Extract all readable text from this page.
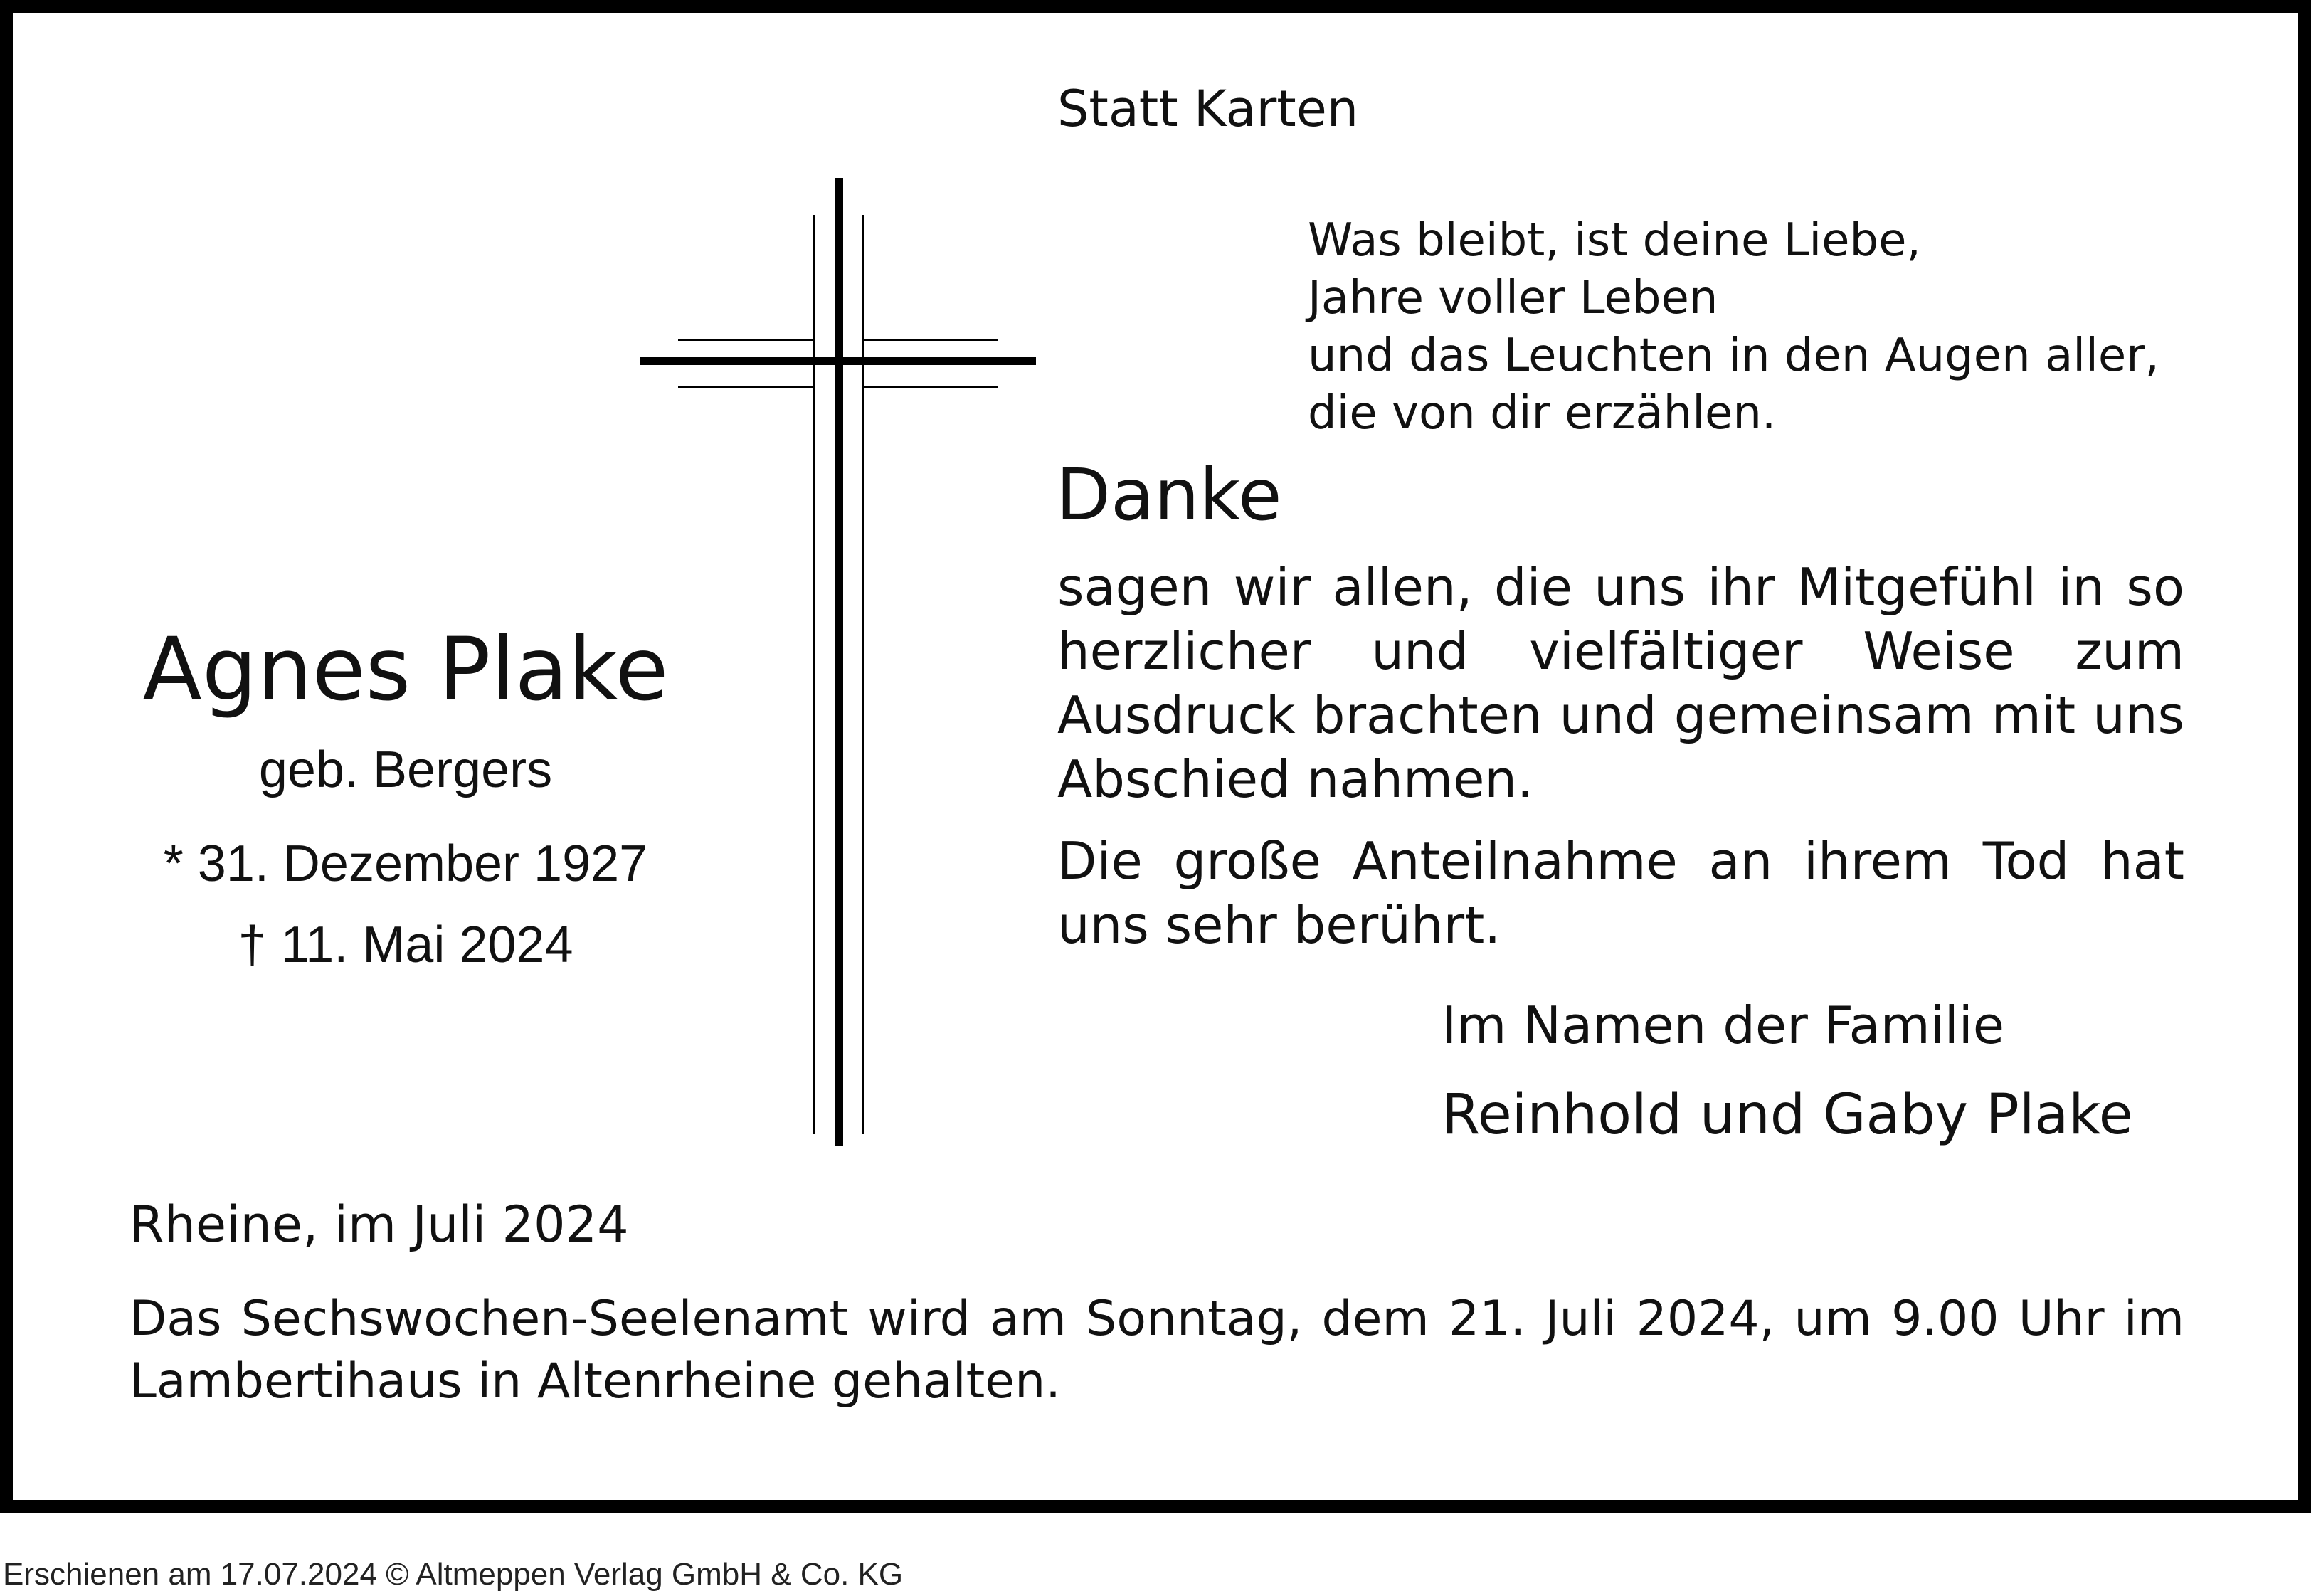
Statt Karten
Was bleibt, ist deine Liebe,
Jahre voller Leben
und das Leuchten in den Augen aller,
die von dir erzählen.
Danke
sagen wir allen, die uns ihr Mitgefühl in so herzlicher und vielfältiger Weise zum Ausdruck brachten und gemeinsam mit uns Abschied nahmen.
Die große Anteilnahme an ihrem Tod hat uns sehr berührt.
Im Namen der Familie
Reinhold und Gaby Plake
Agnes Plake
geb. Bergers
* 31. Dezember 1927
† 11. Mai 2024
Rheine, im Juli 2024
Das Sechswochen-Seelenamt wird am Sonntag, dem 21. Juli 2024, um 9.00 Uhr im Lambertihaus in Altenrheine gehalten.
Erschienen am 17.07.2024 © Altmeppen Verlag GmbH & Co. KG
